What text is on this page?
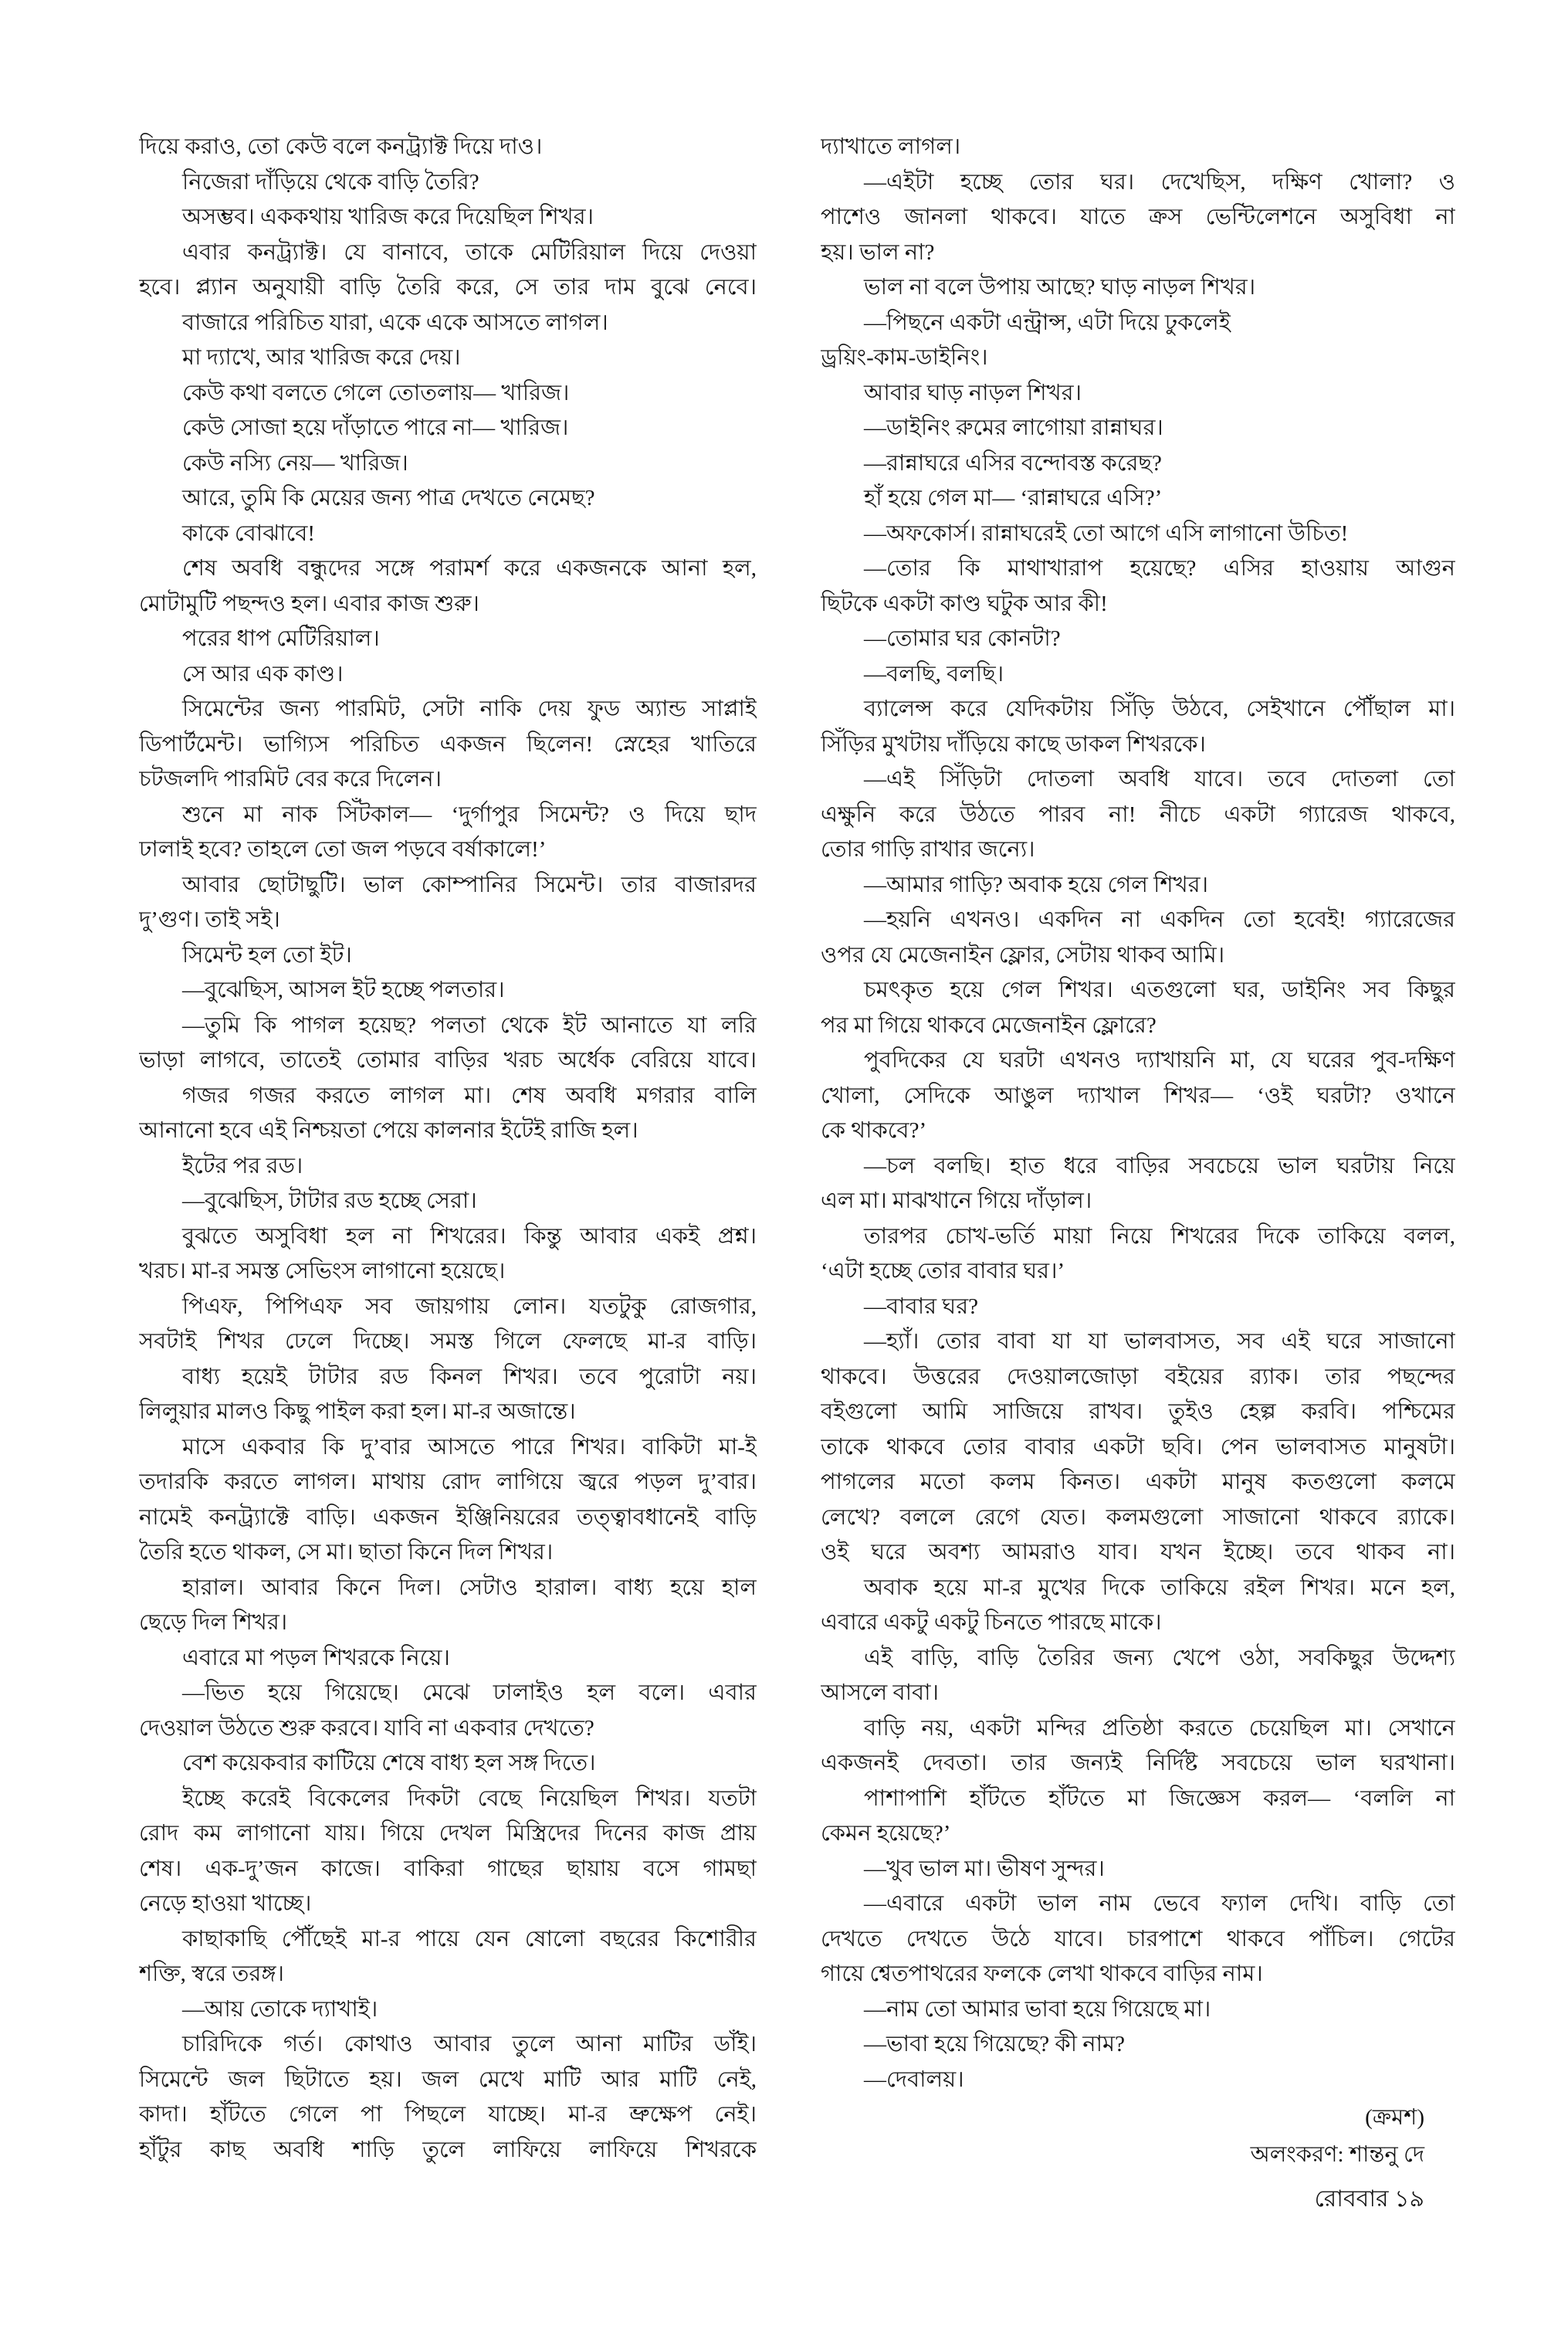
দিয়ে করাও, তো কেউ বলে কনট্র্যাক্ট দিয়ে দাও।
নিজেরা দাঁড়িয়ে থেকে বাড়ি তৈরি?
অসম্ভব। এককথায় খারিজ করে দিয়েছিল শিখর।
এবার কনট্র্যাক্ট। যে বানাবে, তাকে মেটিরিয়াল দিয়ে দেওয়া
হবে। প্ল্যান অনুযায়ী বাড়ি তৈরি করে, সে তার দাম বুঝে নেবে।
বাজারে পরিচিত যারা, একে একে আসতে লাগল।
মা দ্যাখে, আর খারিজ করে দেয়।
কেউ কথা বলতে গেলে তোতলায়— খারিজ।
কেউ সোজা হয়ে দাঁড়াতে পারে না— খারিজ।
কেউ নস্যি নেয়— খারিজ।
আরে, তুমি কি মেয়ের জন্য পাত্র দেখতে নেমেছ?
কাকে বোঝাবে!
শেষ অবধি বন্ধুদের সঙ্গে পরামর্শ করে একজনকে আনা হল,
মোটামুটি পছন্দও হল। এবার কাজ শুরু।
পরের ধাপ মেটিরিয়াল।
সে আর এক কাণ্ড।
সিমেন্টের জন্য পারমিট, সেটা নাকি দেয় ফুড অ্যান্ড সাপ্লাই
ডিপার্টমেন্ট। ভাগ্যিস পরিচিত একজন ছিলেন! স্নেহের খাতিরে
চটজলদি পারমিট বের করে দিলেন।
শুনে মা নাক সিঁটকাল— ‘দুর্গাপুর সিমেন্ট? ও দিয়ে ছাদ
ঢালাই হবে? তাহলে তো জল পড়বে বর্ষাকালে!’
আবার ছোটাছুটি। ভাল কোম্পানির সিমেন্ট। তার বাজারদর
দু’গুণ। তাই সই।
সিমেন্ট হল তো ইট।
—বুঝেছিস, আসল ইট হচ্ছে পলতার।
—তুমি কি পাগল হয়েছ? পলতা থেকে ইট আনাতে যা লরি
ভাড়া লাগবে, তাতেই তোমার বাড়ির খরচ অর্ধেক বেরিয়ে যাবে।
গজর গজর করতে লাগল মা। শেষ অবধি মগরার বালি
আনানো হবে এই নিশ্চয়তা পেয়ে কালনার ইটেই রাজি হল।
ইটের পর রড।
—বুঝেছিস, টাটার রড হচ্ছে সেরা।
বুঝতে অসুবিধা হল না শিখরের। কিন্তু আবার একই প্রশ্ন।
খরচ। মা-র সমস্ত সেভিংস লাগানো হয়েছে।
পিএফ, পিপিএফ সব জায়গায় লোন। যতটুকু রোজগার,
সবটাই শিখর ঢেলে দিচ্ছে। সমস্ত গিলে ফেলছে মা-র বাড়ি।
বাধ্য হয়েই টাটার রড কিনল শিখর। তবে পুরোটা নয়।
লিলুয়ার মালও কিছু পাইল করা হল। মা-র অজান্তে।
মাসে একবার কি দু’বার আসতে পারে শিখর। বাকিটা মা-ই
তদারকি করতে লাগল। মাথায় রোদ লাগিয়ে জ্বরে পড়ল দু’বার।
নামেই কনট্র্যাক্টে বাড়ি। একজন ইঞ্জিনিয়রের তত্ত্বাবধানেই বাড়ি
তৈরি হতে থাকল, সে মা। ছাতা কিনে দিল শিখর।
হারাল। আবার কিনে দিল। সেটাও হারাল। বাধ্য হয়ে হাল
ছেড়ে দিল শিখর।
এবারে মা পড়ল শিখরকে নিয়ে।
—ভিত হয়ে গিয়েছে। মেঝে ঢালাইও হল বলে। এবার
দেওয়াল উঠতে শুরু করবে। যাবি না একবার দেখতে?
বেশ কয়েকবার কাটিয়ে শেষে বাধ্য হল সঙ্গ দিতে।
ইচ্ছে করেই বিকেলের দিকটা বেছে নিয়েছিল শিখর। যতটা
রোদ কম লাগানো যায়। গিয়ে দেখল মিস্ত্রিদের দিনের কাজ প্রায়
শেষ। এক-দু’জন কাজে। বাকিরা গাছের ছায়ায় বসে গামছা
নেড়ে হাওয়া খাচ্ছে।
কাছাকাছি পৌঁছেই মা-র পায়ে যেন ষোলো বছরের কিশোরীর
শক্তি, স্বরে তরঙ্গ।
—আয় তোকে দ্যাখাই।
চারিদিকে গর্ত। কোথাও আবার তুলে আনা মাটির ডাঁই।
সিমেন্টে জল ছিটাতে হয়। জল মেখে মাটি আর মাটি নেই,
কাদা। হাঁটতে গেলে পা পিছলে যাচ্ছে। মা-র ভ্রুক্ষেপ নেই।
হাঁটুর কাছ অবধি শাড়ি তুলে লাফিয়ে লাফিয়ে শিখরকে
দ্যাখাতে লাগল।
—এইটা হচ্ছে তোর ঘর। দেখেছিস, দক্ষিণ খোলা? ও
পাশেও জানলা থাকবে। যাতে ক্রস ভেন্টিলেশনে অসুবিধা না
হয়। ভাল না?
ভাল না বলে উপায় আছে? ঘাড় নাড়ল শিখর।
—পিছনে একটা এন্ট্রান্স, এটা দিয়ে ঢুকলেই
ড্রয়িং-কাম-ডাইনিং।
আবার ঘাড় নাড়ল শিখর।
—ডাইনিং রুমের লাগোয়া রান্নাঘর।
—রান্নাঘরে এসির বন্দোবস্ত করেছ?
হাঁ হয়ে গেল মা— ‘রান্নাঘরে এসি?’
—অফকোর্স। রান্নাঘরেই তো আগে এসি লাগানো উচিত!
—তোর কি মাথাখারাপ হয়েছে? এসির হাওয়ায় আগুন
ছিটকে একটা কাণ্ড ঘটুক আর কী!
—তোমার ঘর কোনটা?
—বলছি, বলছি।
ব্যালেন্স করে যেদিকটায় সিঁড়ি উঠবে, সেইখানে পৌঁছাল মা।
সিঁড়ির মুখটায় দাঁড়িয়ে কাছে ডাকল শিখরকে।
—এই সিঁড়িটা দোতলা অবধি যাবে। তবে দোতলা তো
এক্ষুনি করে উঠতে পারব না! নীচে একটা গ্যারেজ থাকবে,
তোর গাড়ি রাখার জন্যে।
—আমার গাড়ি? অবাক হয়ে গেল শিখর।
—হয়নি এখনও। একদিন না একদিন তো হবেই! গ্যারেজের
ওপর যে মেজেনাইন ফ্লোর, সেটায় থাকব আমি।
চমৎকৃত হয়ে গেল শিখর। এতগুলো ঘর, ডাইনিং সব কিছুর
পর মা গিয়ে থাকবে মেজেনাইন ফ্লোরে?
পুবদিকের যে ঘরটা এখনও দ্যাখায়নি মা, যে ঘরের পুব-দক্ষিণ
খোলা, সেদিকে আঙুল দ্যাখাল শিখর— ‘ওই ঘরটা? ওখানে
কে থাকবে?’
—চল বলছি। হাত ধরে বাড়ির সবচেয়ে ভাল ঘরটায় নিয়ে
এল মা। মাঝখানে গিয়ে দাঁড়াল।
তারপর চোখ-ভর্তি মায়া নিয়ে শিখরের দিকে তাকিয়ে বলল,
‘এটা হচ্ছে তোর বাবার ঘর।’
—বাবার ঘর?
—হ্যাঁ। তোর বাবা যা যা ভালবাসত, সব এই ঘরে সাজানো
থাকবে। উত্তরের দেওয়ালজোড়া বইয়ের র‍্যাক। তার পছন্দের
বইগুলো আমি সাজিয়ে রাখব। তুইও হেল্প করবি। পশ্চিমের
তাকে থাকবে তোর বাবার একটা ছবি। পেন ভালবাসত মানুষটা।
পাগলের মতো কলম কিনত। একটা মানুষ কতগুলো কলমে
লেখে? বললে রেগে যেত। কলমগুলো সাজানো থাকবে র‍্যাকে।
ওই ঘরে অবশ্য আমরাও যাব। যখন ইচ্ছে। তবে থাকব না।
অবাক হয়ে মা-র মুখের দিকে তাকিয়ে রইল শিখর। মনে হল,
এবারে একটু একটু চিনতে পারছে মাকে।
এই বাড়ি, বাড়ি তৈরির জন্য খেপে ওঠা, সবকিছুর উদ্দেশ্য
আসলে বাবা।
বাড়ি নয়, একটা মন্দির প্রতিষ্ঠা করতে চেয়েছিল মা। সেখানে
একজনই দেবতা। তার জন্যই নির্দিষ্ট সবচেয়ে ভাল ঘরখানা।
পাশাপাশি হাঁটতে হাঁটতে মা জিজ্ঞেস করল— ‘বললি না
কেমন হয়েছে?’
—খুব ভাল মা। ভীষণ সুন্দর।
—এবারে একটা ভাল নাম ভেবে ফ্যাল দেখি। বাড়ি তো
দেখতে দেখতে উঠে যাবে। চারপাশে থাকবে পাঁচিল। গেটের
গায়ে শ্বেতপাথরের ফলকে লেখা থাকবে বাড়ির নাম।
—নাম তো আমার ভাবা হয়ে গিয়েছে মা।
—ভাবা হয়ে গিয়েছে? কী নাম?
—দেবালয়।
(ক্রমশ)
অলংকরণ: শান্তনু দে
রোববার ১৯
